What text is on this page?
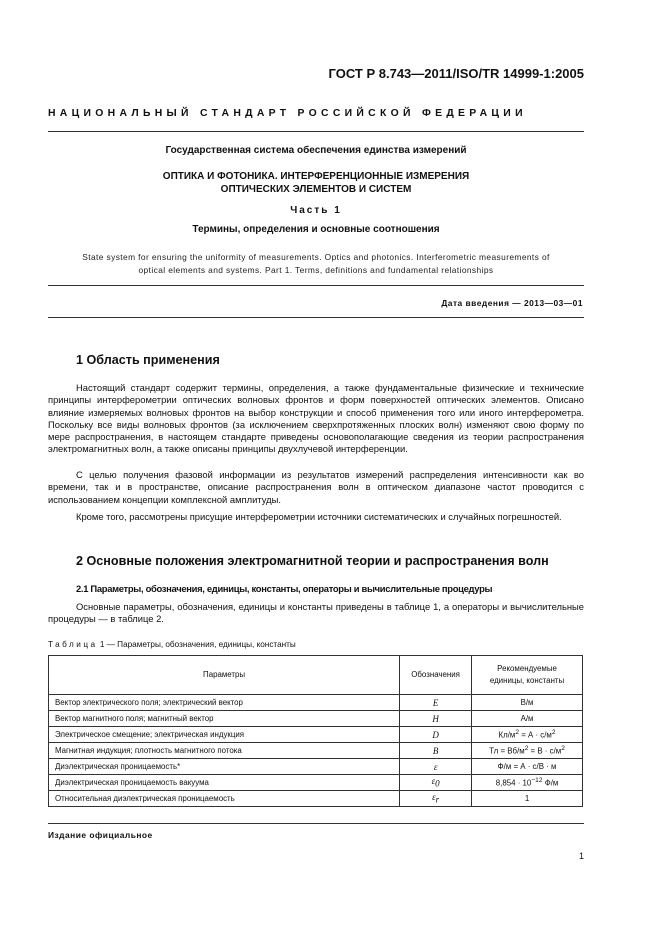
ГОСТ Р 8.743—2011/ISO/TR 14999-1:2005
НАЦИОНАЛЬНЫЙ СТАНДАРТ РОССИЙСКОЙ ФЕДЕРАЦИИ
Государственная система обеспечения единства измерений
ОПТИКА И ФОТОНИКА. ИНТЕРФЕРЕНЦИОННЫЕ ИЗМЕРЕНИЯ
ОПТИЧЕСКИХ ЭЛЕМЕНТОВ И СИСТЕМ
Часть 1
Термины, определения и основные соотношения
State system for ensuring the uniformity of measurements. Optics and photonics. Interferometric measurements of
optical elements and systems. Part 1. Terms, definitions and fundamental relationships
Дата введения — 2013—03—01
1 Область применения
Настоящий стандарт содержит термины, определения, а также фундаментальные физические и технические принципы интерферометрии оптических волновых фронтов и форм поверхностей оптических элементов. Описано влияние измеряемых волновых фронтов на выбор конструкции и способ применения того или иного интерферометра. Поскольку все виды волновых фронтов (за исключением сверхпротяженных плоских волн) изменяют свою форму по мере распространения, в настоящем стандарте приведены основополагающие сведения из теории распространения электромагнитных волн, а также описаны принципы двухлучевой интерференции.
С целью получения фазовой информации из результатов измерений распределения интенсивности как во времени, так и в пространстве, описание распространения волн в оптическом диапазоне частот проводится с использованием концепции комплексной амплитуды.
Кроме того, рассмотрены присущие интерферометрии источники систематических и случайных погрешностей.
2 Основные положения электромагнитной теории и распространения волн
2.1 Параметры, обозначения, единицы, константы, операторы и вычислительные процедуры
Основные параметры, обозначения, единицы и константы приведены в таблице 1, а операторы и вычислительные процедуры — в таблице 2.
Таблица 1 — Параметры, обозначения, единицы, константы
Параметры	Обозначения	Рекомендуемые
единицы, константы
Вектор электрического поля; электрический вектор	E	В/м
Вектор магнитного поля; магнитный вектор	H	А/м
Электрическое смещение; электрическая индукция	D	$Кл/м^2 = А \cdot с/м^2$
Магнитная индукция; плотность магнитного потока	B	Тл = $Вб/м^2 = В \cdot с/м^2$
Диэлектрическая проницаемость*	ε	Ф/м = А · с/В · м
Диэлектрическая проницаемость вакуума	$\varepsilon_0$	$8,854 \cdot 10^{-12}$ Ф/м
Относительная диэлектрическая проницаемость	$\varepsilon_r$	1
Издание официальное
1
